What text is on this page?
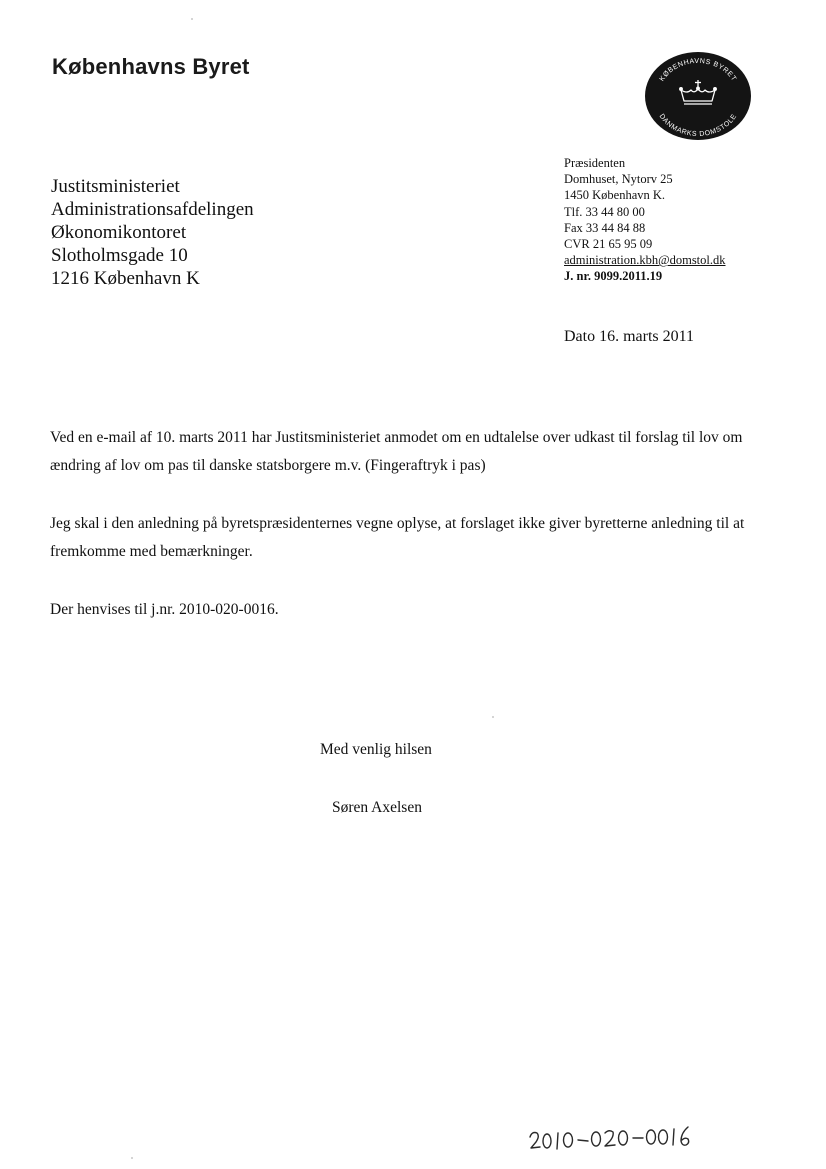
Københavns Byret	KØBENHAVNS BYRET
DANMARKS DOMSTOLE
Justitsministeriet
Administrationsafdelingen
Økonomikontoret
Slotholmsgade 10
1216 København K
Præsidenten
Domhuset, Nytorv 25
1450 København K.
Tlf. 33 44 80 00
Fax 33 44 84 88
CVR 21 65 95 09
administration.kbh@domstol.dk
J. nr. 9099.2011.19
Dato 16. marts 2011

Ved en e-mail af 10. marts 2011 har Justitsministeriet anmodet om en udtalelse over udkast til forslag til lov om ændring af lov om pas til danske statsborgere m.v. (Fingeraftryk i pas)

Jeg skal i den anledning på byretspræsidenternes vegne oplyse, at forslaget ikke giver byretterne anledning til at fremkomme med bemærkninger.

Der henvises til j.nr. 2010-020-0016.

Med venlig hilsen
Søren Axelsen
